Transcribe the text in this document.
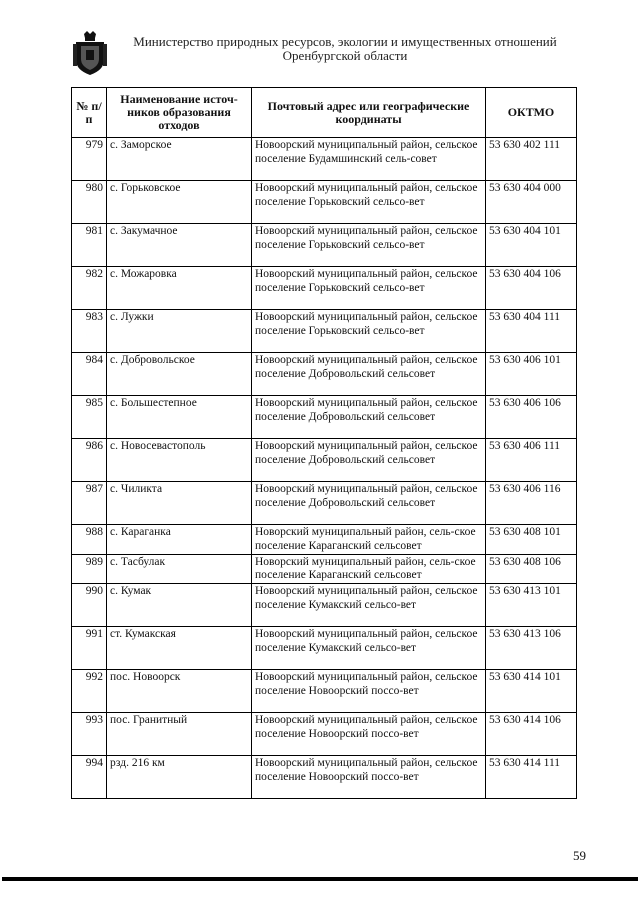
Министерство природных ресурсов, экологии и имущественных отношений
Оренбургской области
№ п/п	Наименование источ-ников образования отходов	Почтовый адрес или географические координаты	ОКТМО
979	с. Заморское	Новоорский муниципальный район, сельское поселение Будамшинский сель-совет	53 630 402 111
980	с. Горьковское	Новоорский муниципальный район, сельское поселение Горьковский сельсо-вет	53 630 404 000
981	с. Закумачное	Новоорский муниципальный район, сельское поселение Горьковский сельсо-вет	53 630 404 101
982	с. Можаровка	Новоорский муниципальный район, сельское поселение Горьковский сельсо-вет	53 630 404 106
983	с. Лужки	Новоорский муниципальный район, сельское поселение Горьковский сельсо-вет	53 630 404 111
984	с. Добровольское	Новоорский муниципальный район, сельское поселение Добровольский сельсовет	53 630 406 101
985	с. Большестепное	Новоорский муниципальный район, сельское поселение Добровольский сельсовет	53 630 406 106
986	с. Новосевастополь	Новоорский муниципальный район, сельское поселение Добровольский сельсовет	53 630 406 111
987	с. Чиликта	Новоорский муниципальный район, сельское поселение Добровольский сельсовет	53 630 406 116
988	с. Караганка	Новорский муниципальный район, сель-ское поселение Караганский сельсовет	53 630 408 101
989	с. Тасбулак	Новорский муниципальный район, сель-ское поселение Караганский сельсовет	53 630 408 106
990	с. Кумак	Новоорский муниципальный район, сельское поселение Кумакский сельсо-вет	53 630 413 101
991	ст. Кумакская	Новоорский муниципальный район, сельское поселение Кумакский сельсо-вет	53 630 413 106
992	пос. Новоорск	Новоорский муниципальный район, сельское поселение Новоорский поссо-вет	53 630 414 101
993	пос. Гранитный	Новоорский муниципальный район, сельское поселение Новоорский поссо-вет	53 630 414 106
994	рзд. 216 км	Новоорский муниципальный район, сельское поселение Новоорский поссо-вет	53 630 414 111
59
